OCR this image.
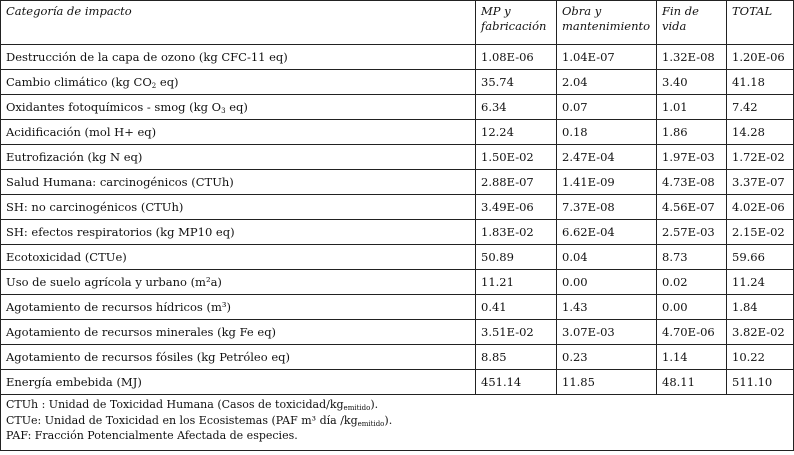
Categoría de impacto	MP y fabricación	Obra y mantenimiento	Fin de vida	TOTAL
Destrucción de la capa de ozono (kg CFC-11 eq)	1.08E-06	1.04E-07	1.32E-08	1.20E-06
Cambio climático (kg $CO_2$ eq)	35.74	2.04	3.40	41.18
Oxidantes fotoquímicos - smog (kg $O_3$ eq)	6.34	0.07	1.01	7.42
Acidificación (mol H+ eq)	12.24	0.18	1.86	14.28
Eutrofización (kg N eq)	1.50E-02	2.47E-04	1.97E-03	1.72E-02
Salud Humana: carcinogénicos (CTUh)	2.88E-07	1.41E-09	4.73E-08	3.37E-07
SH: no carcinogénicos (CTUh)	3.49E-06	7.37E-08	4.56E-07	4.02E-06
SH: efectos respiratorios (kg MP10 eq)	1.83E-02	6.62E-04	2.57E-03	2.15E-02
Ecotoxicidad (CTUe)	50.89	0.04	8.73	59.66
Uso de suelo agrícola y urbano (m²a)	11.21	0.00	0.02	11.24
Agotamiento de recursos hídricos (m³)	0.41	1.43	0.00	1.84
Agotamiento de recursos minerales (kg Fe eq)	3.51E-02	3.07E-03	4.70E-06	3.82E-02
Agotamiento de recursos fósiles (kg Petróleo eq)	8.85	0.23	1.14	10.22
Energía embebida (MJ)	451.14	11.85	48.11	511.10

CTUh : Unidad de Toxicidad Humana (Casos de toxicidad/$kg_{emitido}$).
CTUe: Unidad de Toxicidad en los Ecosistemas (PAF m³ día $/kg_{emitido}$).
PAF: Fracción Potencialmente Afectada de especies.				
